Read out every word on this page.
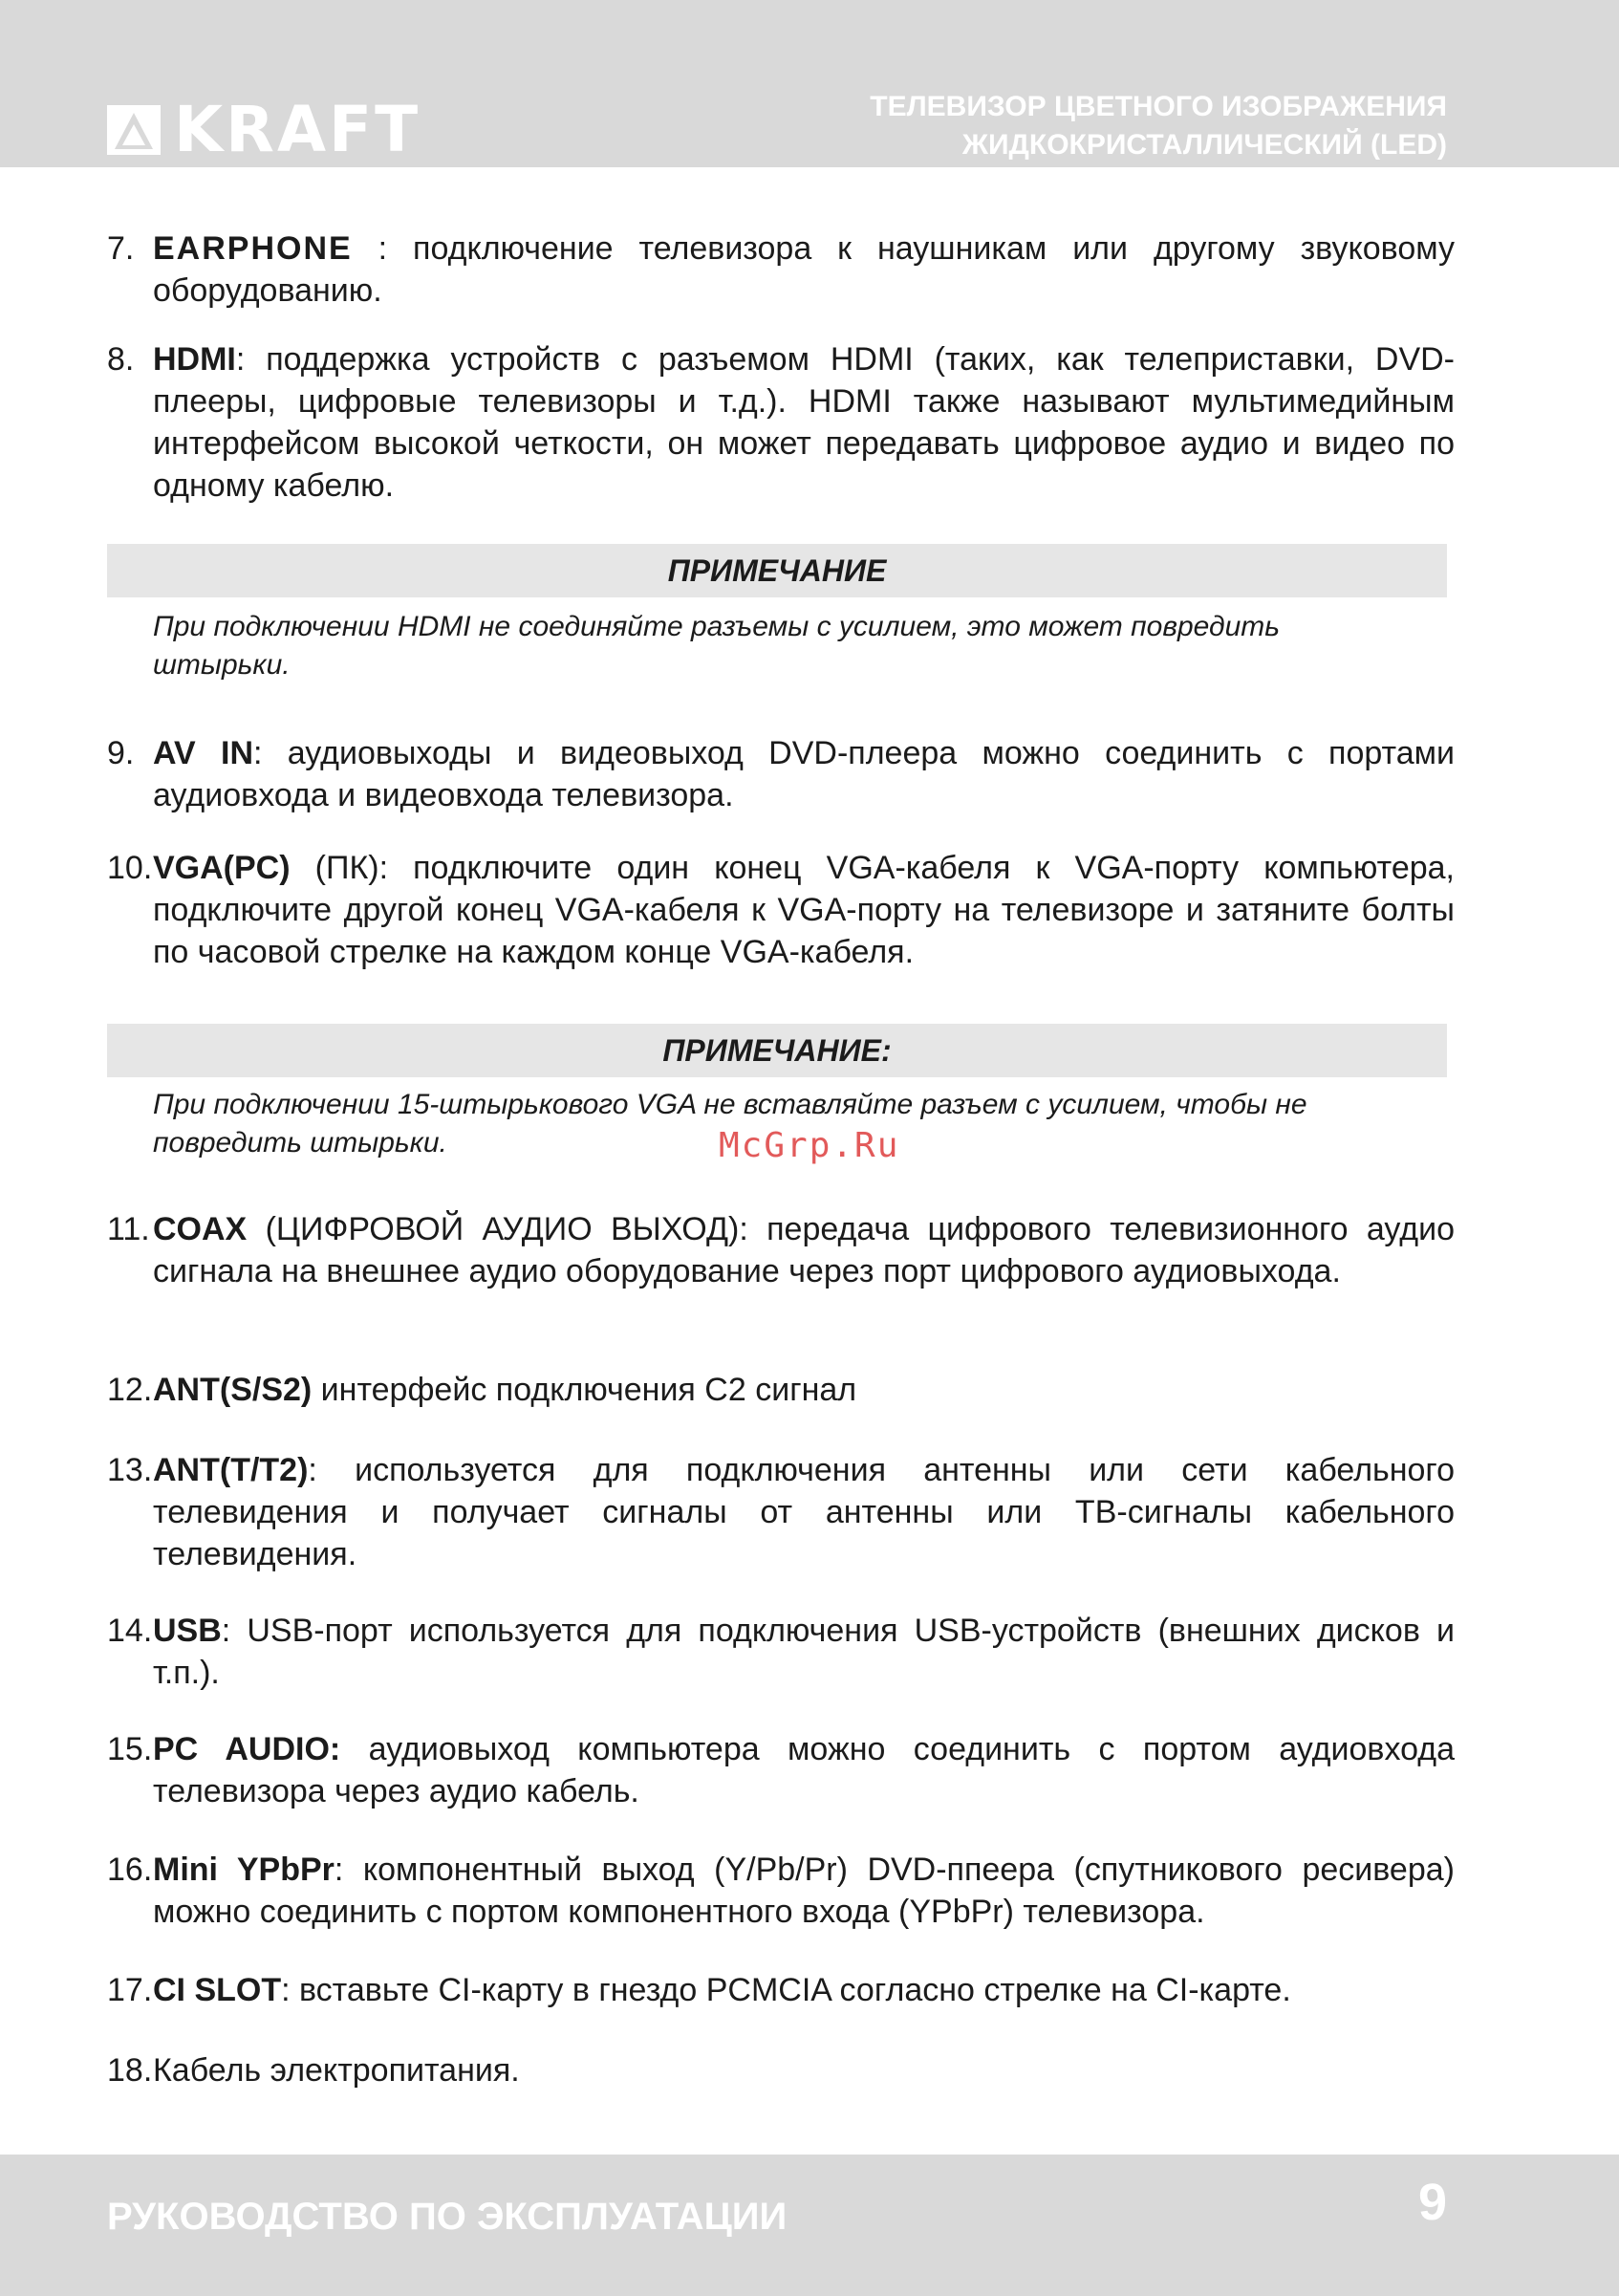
KRAFT	ТЕЛЕВИЗОР ЦВЕТНОГО ИЗОБРАЖЕНИЯ
ЖИДКОКРИСТАЛЛИЧЕСКИЙ (LED)
7. EARPHONE : подключение телевизора к наушникам или другому звуковому оборудованию.
8. HDMI: поддержка устройств с разъемом HDMI (таких, как телеприставки, DVD-плееры, цифровые телевизоры и т.д.). HDMI также называют мультимедийным интерфейсом высокой четкости, он может передавать цифровое аудио и видео по одному кабелю.
ПРИМЕЧАНИЕ
При подключении HDMI не соединяйте разъемы с усилием, это может повредить штырьки.
9. AV IN: аудиовыходы и видеовыход DVD-плеера можно соединить с портами аудиовхода и видеовхода телевизора.
10. VGA(PC) (ПК): подключите один конец VGA-кабеля к VGA-порту компьютера, подключите другой конец VGA-кабеля к VGA-порту на телевизоре и затяните болты по часовой стрелке на каждом конце VGA-кабеля.
ПРИМЕЧАНИЕ:
При подключении 15-штырькового VGA не вставляйте разъем с усилием, чтобы не повредить штырьки.	McGrp.Ru
11. COAX (ЦИФРОВОЙ АУДИО ВЫХОД): передача цифрового телевизионного аудио сигнала на внешнее аудио оборудование через порт цифрового аудиовыхода.
12. ANT(S/S2) интерфейс подключения C2 сигнал
13. ANT(T/T2): используется для подключения антенны или сети кабельного телевидения и получает сигналы от антенны или ТВ-сигналы кабельного телевидения.
14. USB: USB-порт используется для подключения USB-устройств (внешних дисков и т.п.).
15. PC AUDIO: аудиовыход компьютера можно соединить с портом аудиовхода телевизора через аудио кабель.
16. Mini YPbPr: компонентный выход (Y/Pb/Pr) DVD-ппеера (спутникового ресивера) можно соединить с портом компонентного входа (YPbPr) телевизора.
17. CI SLOT: вставьте CI-карту в гнездо PCMCIA согласно стрелке на CI-карте.
18. Кабель электропитания.
РУКОВОДСТВО ПО ЭКСПЛУАТАЦИИ	9
